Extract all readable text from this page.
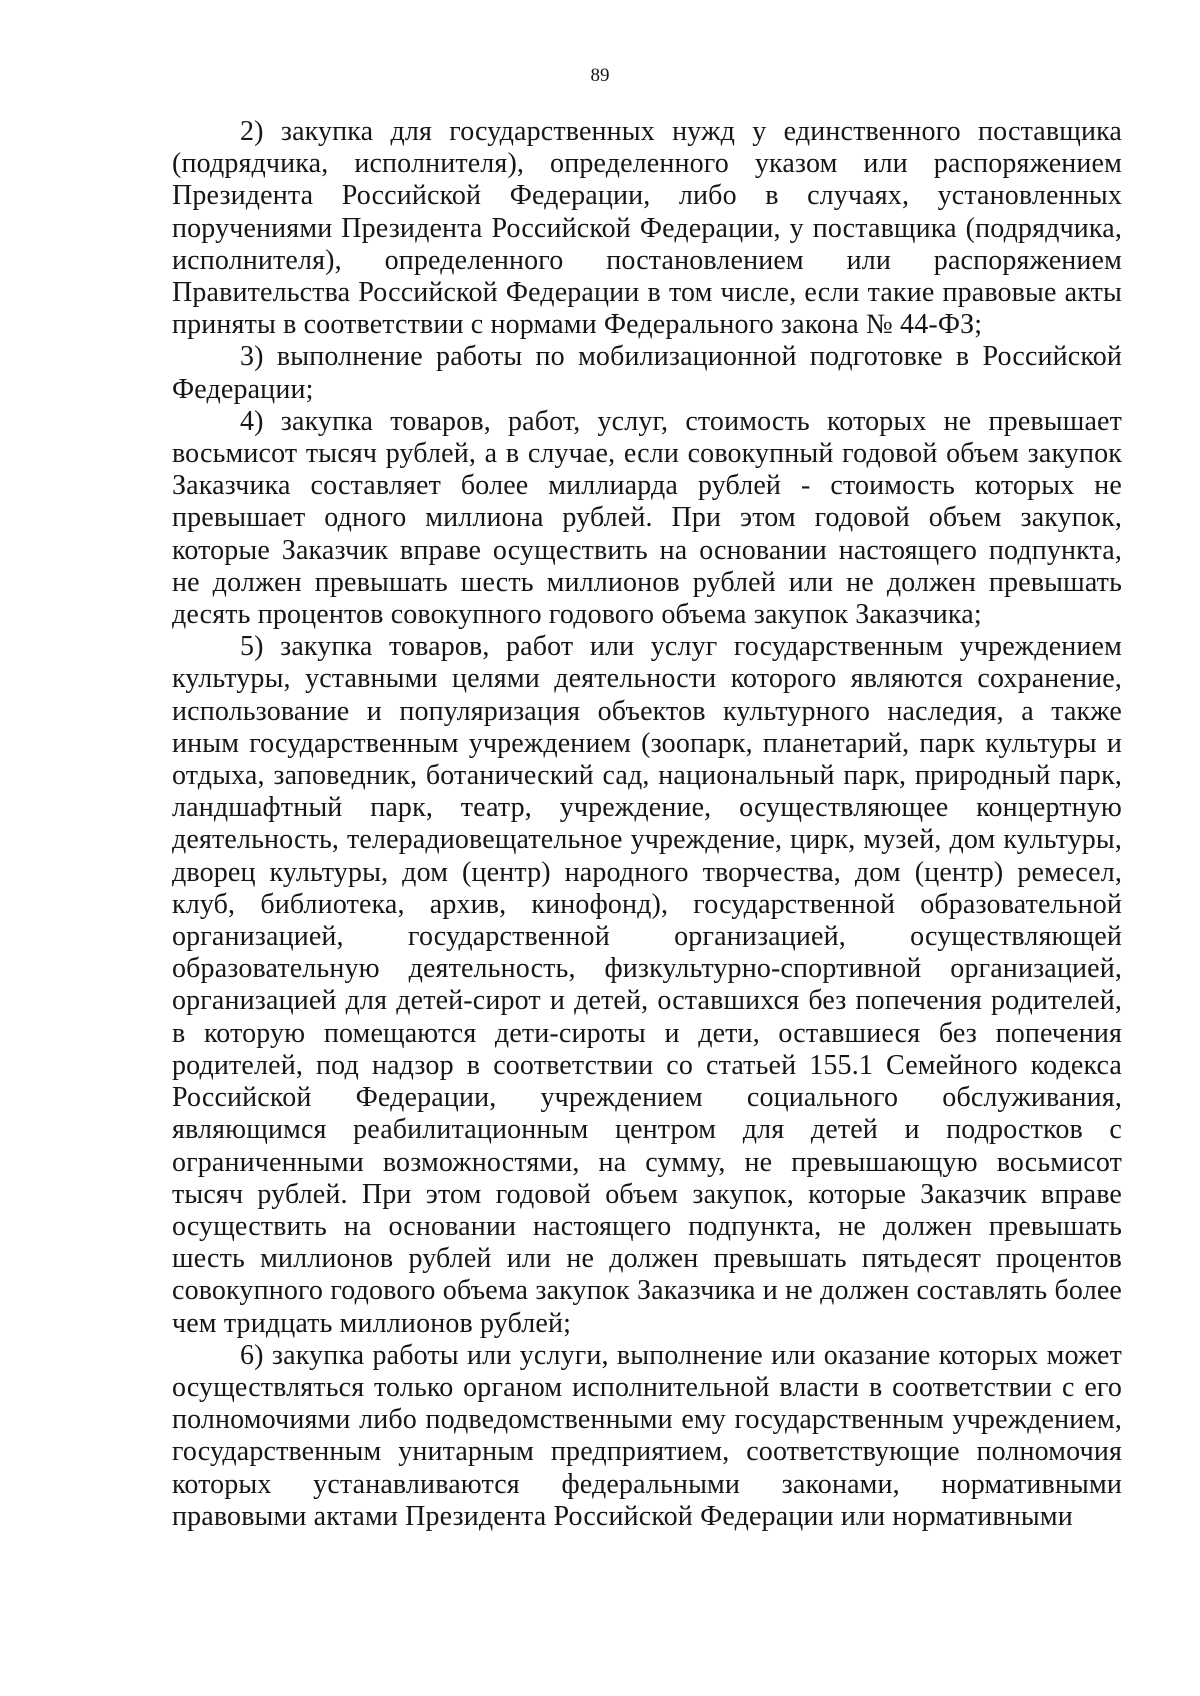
89

2) закупка для государственных нужд у единственного поставщика (подрядчика, исполнителя), определенного указом или распоряжением Президента Российской Федерации, либо в случаях, установленных поручениями Президента Российской Федерации, у поставщика (подрядчика, исполнителя), определенного постановлением или распоряжением Правительства Российской Федерации в том числе, если такие правовые акты приняты в соответствии с нормами Федерального закона № 44-ФЗ;

3) выполнение работы по мобилизационной подготовке в Российской Федерации;

4) закупка товаров, работ, услуг, стоимость которых не превышает восьмисот тысяч рублей, а в случае, если совокупный годовой объем закупок Заказчика составляет более миллиарда рублей - стоимость которых не превышает одного миллиона рублей. При этом годовой объем закупок, которые Заказчик вправе осуществить на основании настоящего подпункта, не должен превышать шесть миллионов рублей или не должен превышать десять процентов совокупного годового объема закупок Заказчика;

5) закупка товаров, работ или услуг государственным учреждением культуры, уставными целями деятельности которого являются сохранение, использование и популяризация объектов культурного наследия, а также иным государственным учреждением (зоопарк, планетарий, парк культуры и отдыха, заповедник, ботанический сад, национальный парк, природный парк, ландшафтный парк, театр, учреждение, осуществляющее концертную деятельность, телерадиовещательное учреждение, цирк, музей, дом культуры, дворец культуры, дом (центр) народного творчества, дом (центр) ремесел, клуб, библиотека, архив, кинофонд), государственной образовательной организацией, государственной организацией, осуществляющей образовательную деятельность, физкультурно-спортивной организацией, организацией для детей-сирот и детей, оставшихся без попечения родителей, в которую помещаются дети-сироты и дети, оставшиеся без попечения родителей, под надзор в соответствии со статьей 155.1 Семейного кодекса Российской Федерации, учреждением социального обслуживания, являющимся реабилитационным центром для детей и подростков с ограниченными возможностями, на сумму, не превышающую восьмисот тысяч рублей. При этом годовой объем закупок, которые Заказчик вправе осуществить на основании настоящего подпункта, не должен превышать шесть миллионов рублей или не должен превышать пятьдесят процентов совокупного годового объема закупок Заказчика и не должен составлять более чем тридцать миллионов рублей;

6) закупка работы или услуги, выполнение или оказание которых может осуществляться только органом исполнительной власти в соответствии с его полномочиями либо подведомственными ему государственным учреждением, государственным унитарным предприятием, соответствующие полномочия которых устанавливаются федеральными законами, нормативными правовыми актами Президента Российской Федерации или нормативными
